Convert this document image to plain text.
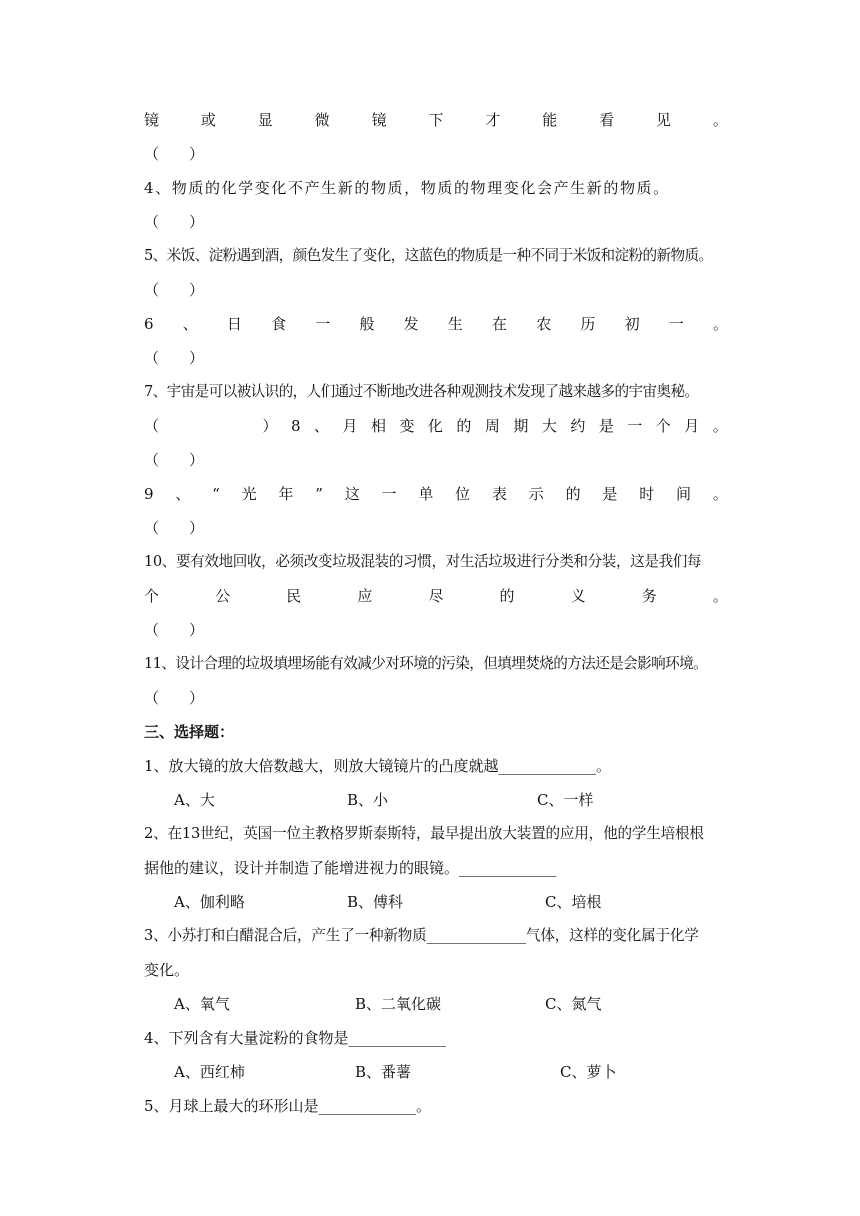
镜	或	显	微	镜	下	才	能	看	见	。
（　　）
4、物质的化学变化不产生新的物质，物质的物理变化会产生新的物质。
（　　）
5、米饭、淀粉遇到酒，颜色发生了变化，这蓝色的物质是一种不同于米饭和淀粉的新物质。
（　　）
6 、 日 食 一 般 发 生 在 农 历 初 一 。
（　　）
7、宇宙是可以被认识的，人们通过不断地改进各种观测技术发现了越来越多的宇宙奥秘。
（	） 8 、 月 相 变 化 的 周 期 大 约 是 一 个 月 。
（　　）
9 、 “ 光 年 ” 这 一 单 位 表 示 的 是 时 间 。
（　　）
10、要有效地回收，必须改变垃圾混装的习惯，对生活垃圾进行分类和分装，这是我们每
个	公	民	应	尽	的	义	务	。
（　　）
11、设计合理的垃圾填埋场能有效减少对环境的污染，但填埋焚烧的方法还是会影响环境。
（　　）
三、选择题：
1、放大镜的放大倍数越大，则放大镜镜片的凸度就越_____________。
A、大	B、小	C、一样
2、在13世纪，英国一位主教格罗斯泰斯特，最早提出放大装置的应用，他的学生培根根
据他的建议，设计并制造了能增进视力的眼镜。_____________
A、伽利略	B、傅科	C、培根
3、小苏打和白醋混合后，产生了一种新物质______________气体，这样的变化属于化学
变化。
A、氧气	B、二氧化碳	C、氮气
4、下列含有大量淀粉的食物是_____________
A、西红柿	B、番薯	C、萝卜
5、月球上最大的环形山是_____________。
